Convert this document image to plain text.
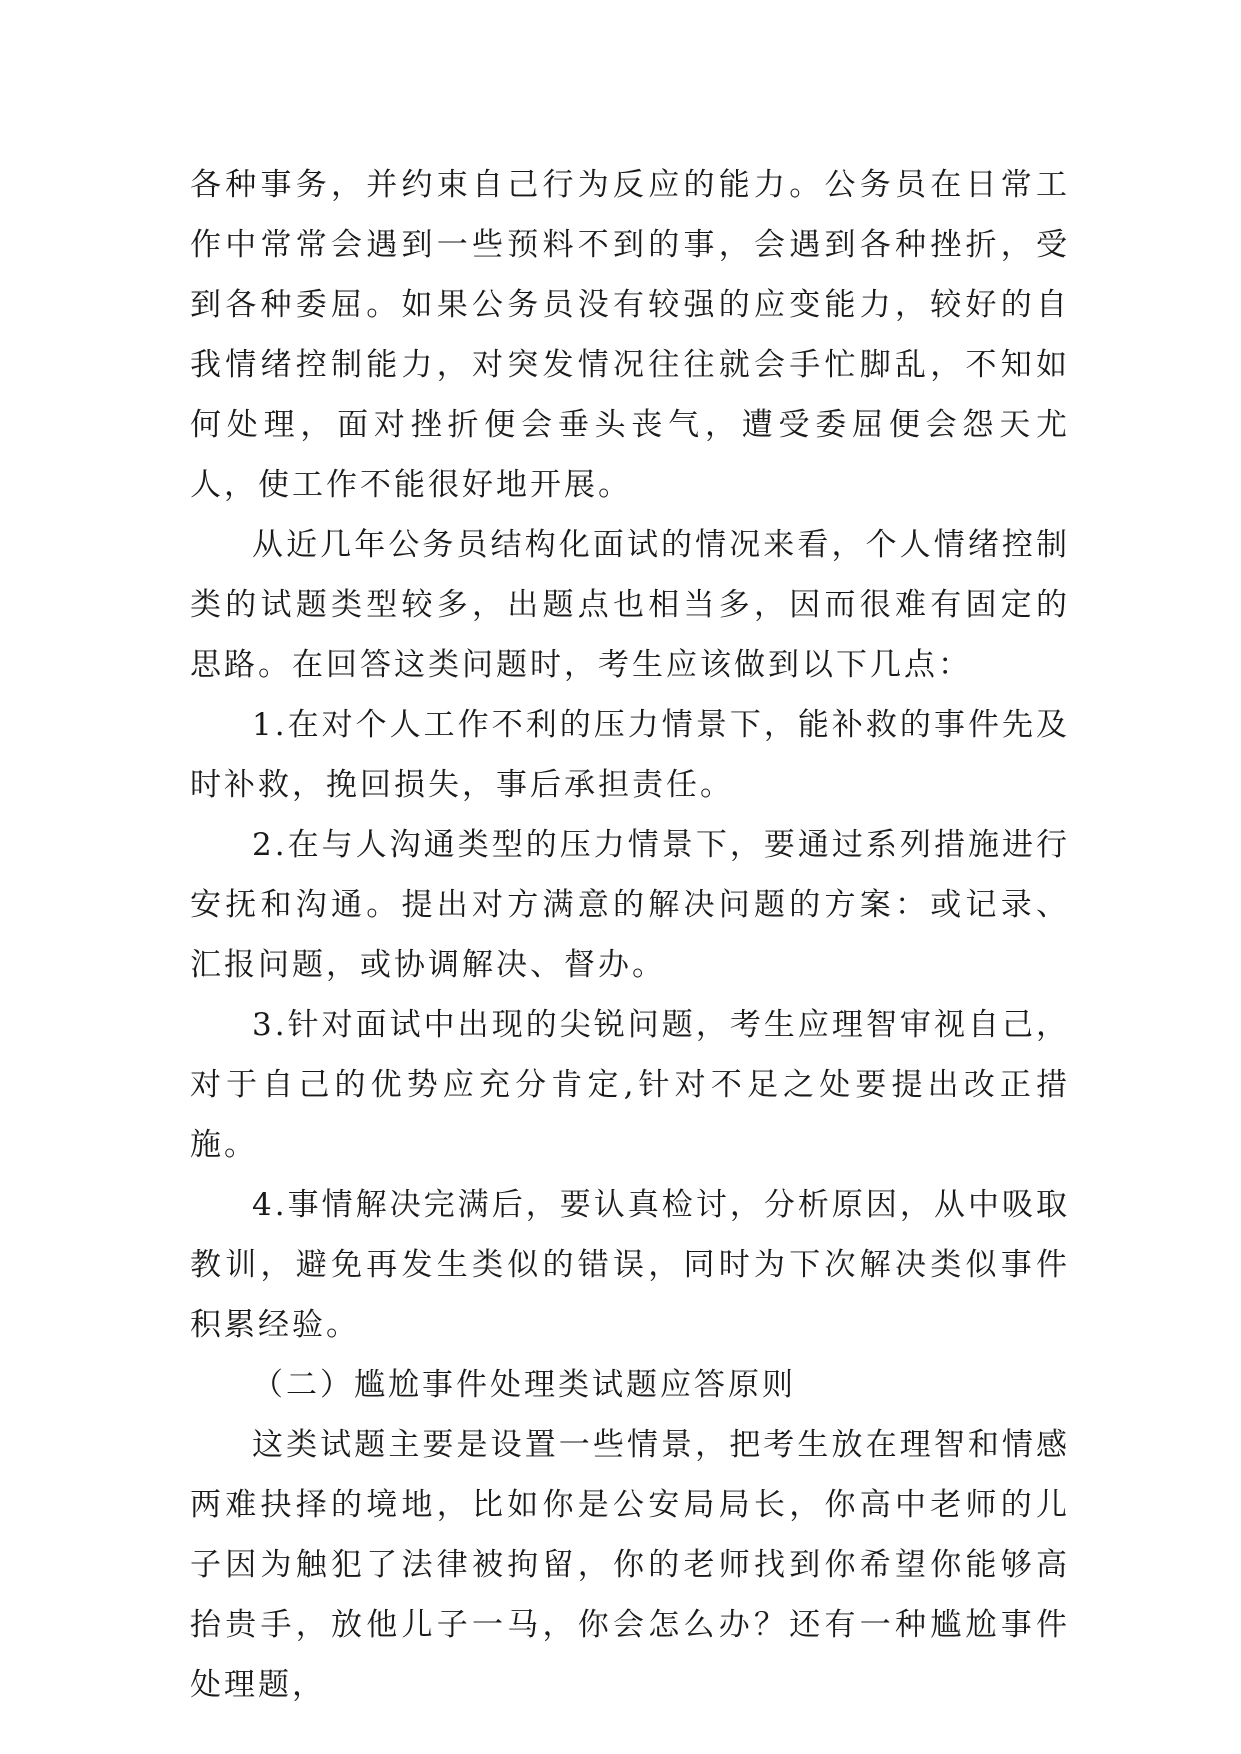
各种事务，并约束自己行为反应的能力。公务员在日常工作中常常会遇到一些预料不到的事，会遇到各种挫折，受到各种委屈。如果公务员没有较强的应变能力，较好的自我情绪控制能力，对突发情况往往就会手忙脚乱，不知如何处理，面对挫折便会垂头丧气，遭受委屈便会怨天尤人，使工作不能很好地开展。

从近几年公务员结构化面试的情况来看，个人情绪控制类的试题类型较多，出题点也相当多，因而很难有固定的思路。在回答这类问题时，考生应该做到以下几点：

1.在对个人工作不利的压力情景下，能补救的事件先及时补救，挽回损失，事后承担责任。

2.在与人沟通类型的压力情景下，要通过系列措施进行安抚和沟通。提出对方满意的解决问题的方案：或记录、汇报问题，或协调解决、督办。

3.针对面试中出现的尖锐问题，考生应理智审视自己，对于自己的优势应充分肯定,针对不足之处要提出改正措施。

4.事情解决完满后，要认真检讨，分析原因，从中吸取教训，避免再发生类似的错误，同时为下次解决类似事件积累经验。

（二）尴尬事件处理类试题应答原则

这类试题主要是设置一些情景，把考生放在理智和情感两难抉择的境地，比如你是公安局局长，你高中老师的儿子因为触犯了法律被拘留，你的老师找到你希望你能够高抬贵手，放他儿子一马，你会怎么办？还有一种尴尬事件处理题，
